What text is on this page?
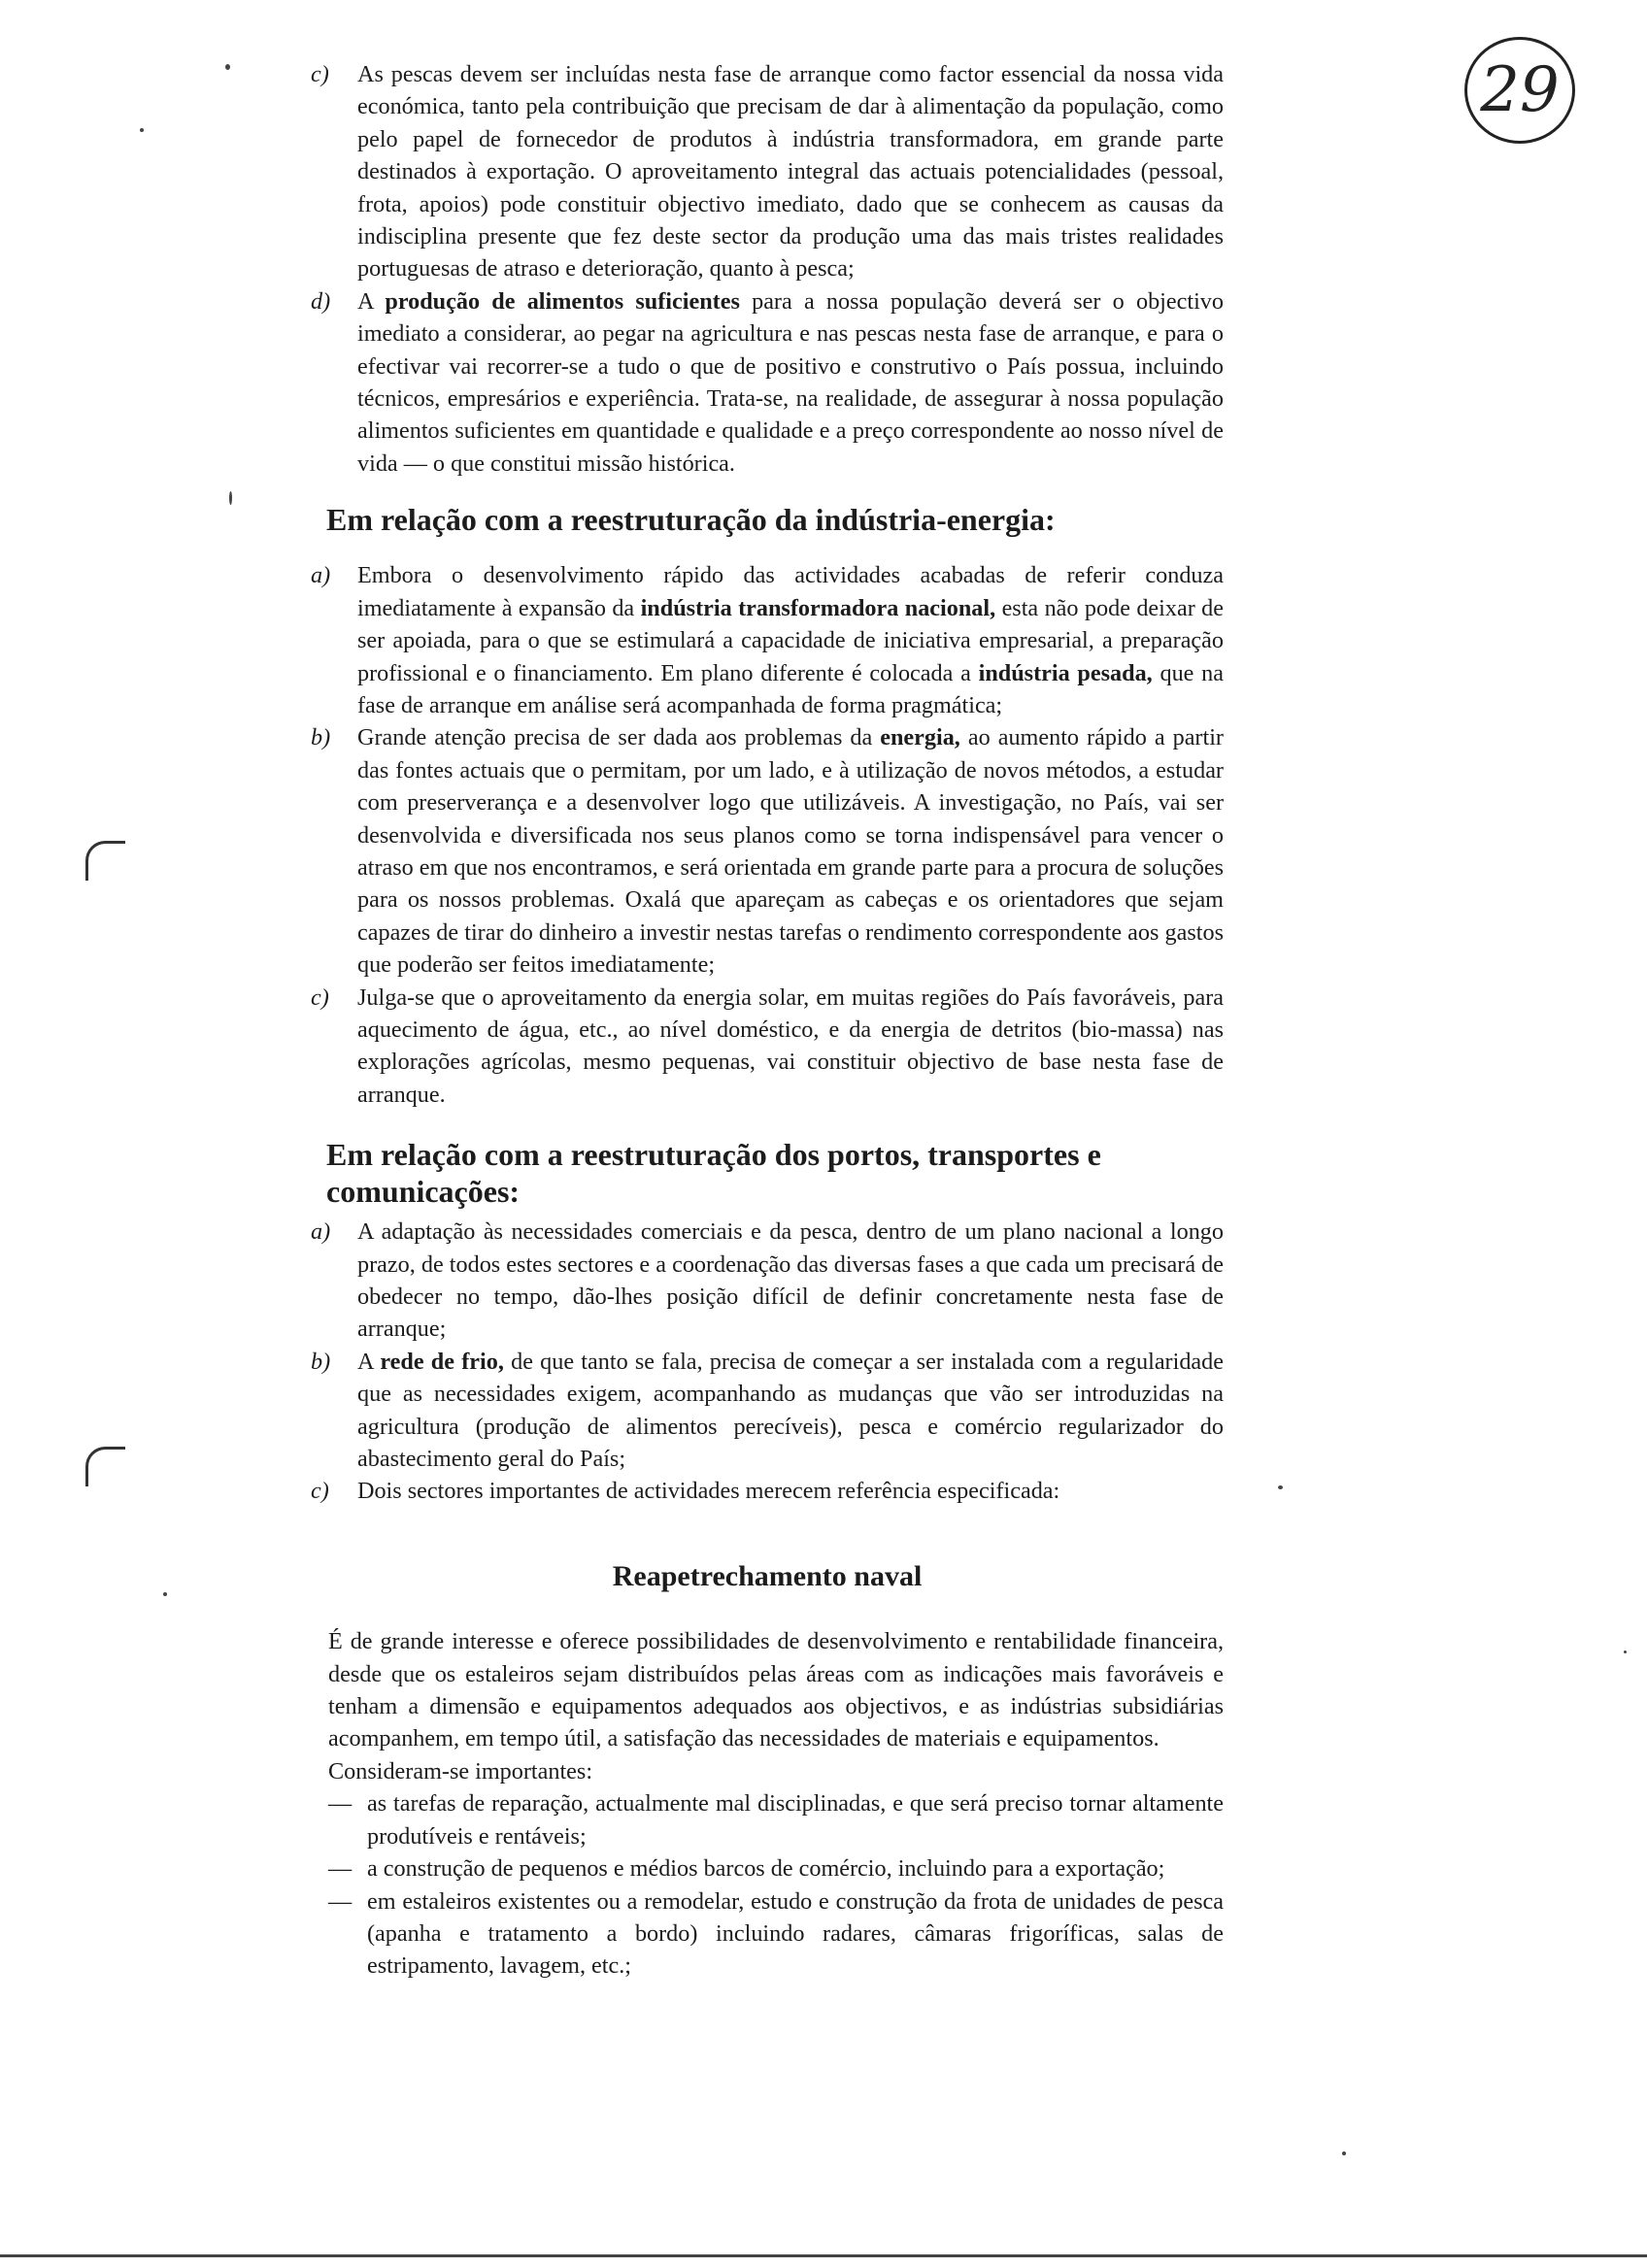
29

c) As pescas devem ser incluídas nesta fase de arranque como factor essencial da nossa vida económica, tanto pela contribuição que precisam de dar à alimentação da população, como pelo papel de fornecedor de produtos à indústria transformadora, em grande parte destinados à exportação. O aproveitamento integral das actuais potencialidades (pessoal, frota, apoios) pode constituir objectivo imediato, dado que se conhecem as causas da indisciplina presente que fez deste sector da produção uma das mais tristes realidades portuguesas de atraso e deterioração, quanto à pesca;

d) A produção de alimentos suficientes para a nossa população deverá ser o objectivo imediato a considerar, ao pegar na agricultura e nas pescas nesta fase de arranque, e para o efectivar vai recorrer-se a tudo o que de positivo e construtivo o País possua, incluindo técnicos, empresários e experiência. Trata-se, na realidade, de assegurar à nossa população alimentos suficientes em quantidade e qualidade e a preço correspondente ao nosso nível de vida — o que constitui missão histórica.

Em relação com a reestruturação da indústria-energia:

a) Embora o desenvolvimento rápido das actividades acabadas de referir conduza imediatamente à expansão da indústria transformadora nacional, esta não pode deixar de ser apoiada, para o que se estimulará a capacidade de iniciativa empresarial, a preparação profissional e o financiamento. Em plano diferente é colocada a indústria pesada, que na fase de arranque em análise será acompanhada de forma pragmática;

b) Grande atenção precisa de ser dada aos problemas da energia, ao aumento rápido a partir das fontes actuais que o permitam, por um lado, e à utilização de novos métodos, a estudar com preserverança e a desenvolver logo que utilizáveis. A investigação, no País, vai ser desenvolvida e diversificada nos seus planos como se torna indispensável para vencer o atraso em que nos encontramos, e será orientada em grande parte para a procura de soluções para os nossos problemas. Oxalá que apareçam as cabeças e os orientadores que sejam capazes de tirar do dinheiro a investir nestas tarefas o rendimento correspondente aos gastos que poderão ser feitos imediatamente;

c) Julga-se que o aproveitamento da energia solar, em muitas regiões do País favoráveis, para aquecimento de água, etc., ao nível doméstico, e da energia de detritos (bio-massa) nas explorações agrícolas, mesmo pequenas, vai constituir objectivo de base nesta fase de arranque.

Em relação com a reestruturação dos portos, transportes e comunicações:

a) A adaptação às necessidades comerciais e da pesca, dentro de um plano nacional a longo prazo, de todos estes sectores e a coordenação das diversas fases a que cada um precisará de obedecer no tempo, dão-lhes posição difícil de definir concretamente nesta fase de arranque;

b) A rede de frio, de que tanto se fala, precisa de começar a ser instalada com a regularidade que as necessidades exigem, acompanhando as mudanças que vão ser introduzidas na agricultura (produção de alimentos perecíveis), pesca e comércio regularizador do abastecimento geral do País;

c) Dois sectores importantes de actividades merecem referência especificada:

Reapetrechamento naval

É de grande interesse e oferece possibilidades de desenvolvimento e rentabilidade financeira, desde que os estaleiros sejam distribuídos pelas áreas com as indicações mais favoráveis e tenham a dimensão e equipamentos adequados aos objectivos, e as indústrias subsidiárias acompanhem, em tempo útil, a satisfação das necessidades de materiais e equipamentos.

Consideram-se importantes:

— as tarefas de reparação, actualmente mal disciplinadas, e que será preciso tornar altamente produtíveis e rentáveis;

— a construção de pequenos e médios barcos de comércio, incluindo para a exportação;

— em estaleiros existentes ou a remodelar, estudo e construção da frota de unidades de pesca (apanha e tratamento a bordo) incluindo radares, câmaras frigoríficas, salas de estripamento, lavagem, etc.;
